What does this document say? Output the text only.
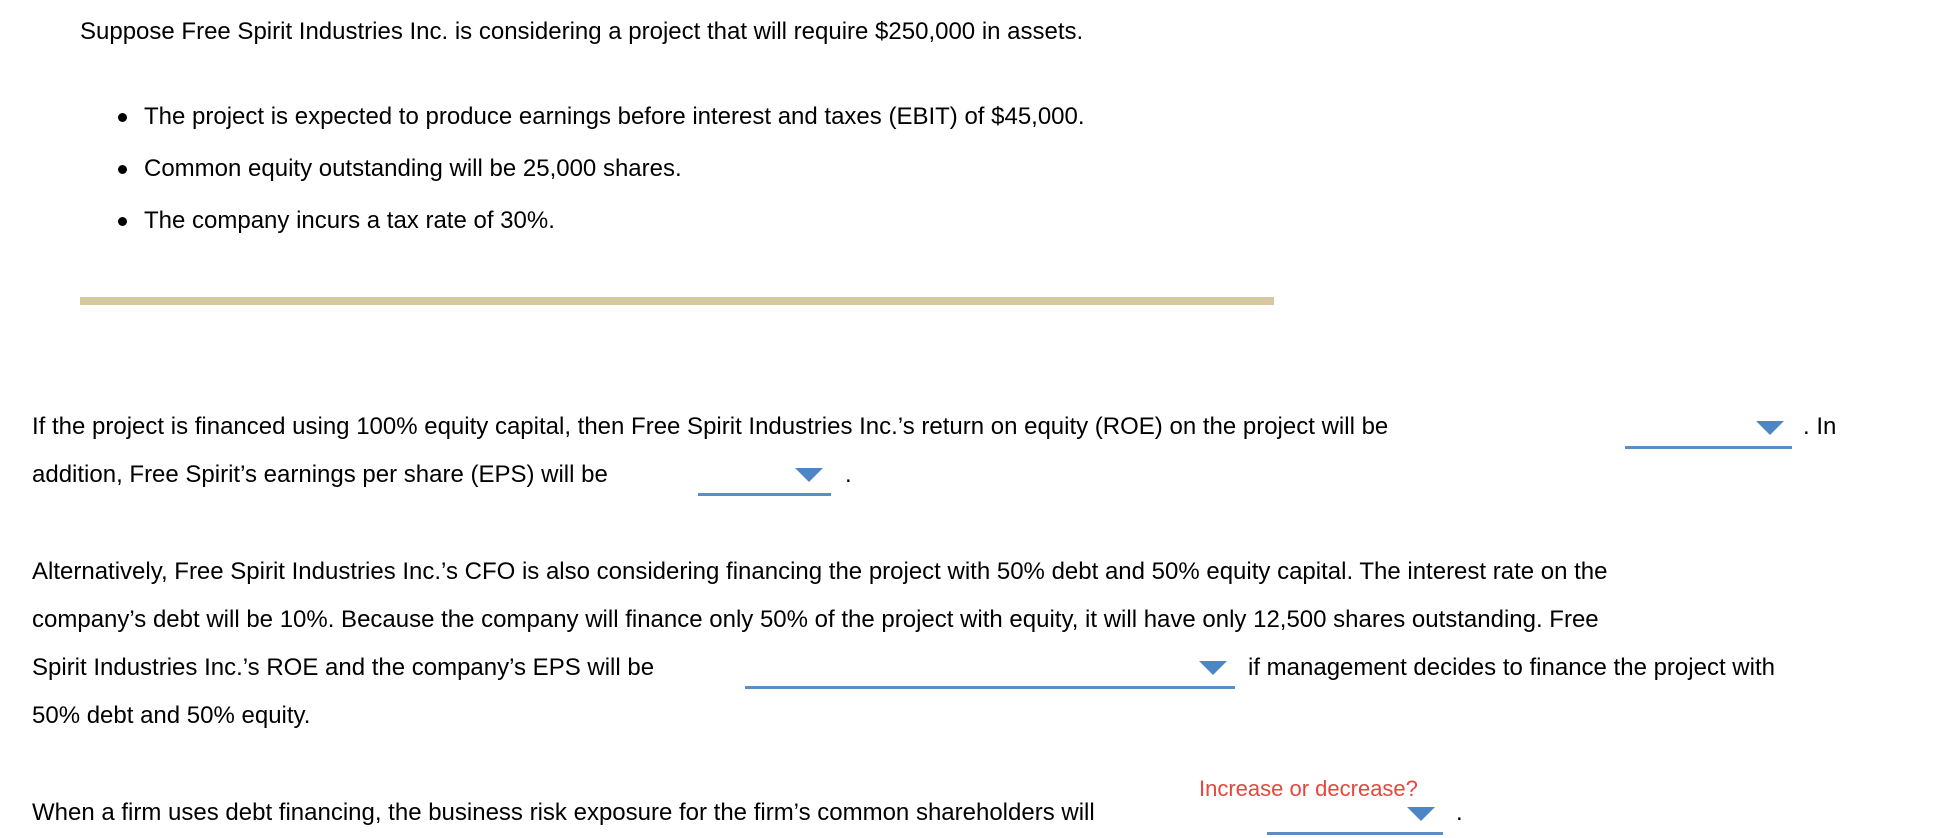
Suppose Free Spirit Industries Inc. is considering a project that will require $250,000 in assets.
The project is expected to produce earnings before interest and taxes (EBIT) of $45,000.
Common equity outstanding will be 25,000 shares.
The company incurs a tax rate of 30%.
If the project is financed using 100% equity capital, then Free Spirit Industries Inc.’s return on equity (ROE) on the project will be	. In
addition, Free Spirit’s earnings per share (EPS) will be	.
Alternatively, Free Spirit Industries Inc.’s CFO is also considering financing the project with 50% debt and 50% equity capital. The interest rate on the
company’s debt will be 10%. Because the company will finance only 50% of the project with equity, it will have only 12,500 shares outstanding. Free
Spirit Industries Inc.’s ROE and the company’s EPS will be	if management decides to finance the project with
50% debt and 50% equity.
Increase or decrease?
When a firm uses debt financing, the business risk exposure for the firm’s common shareholders will	.
